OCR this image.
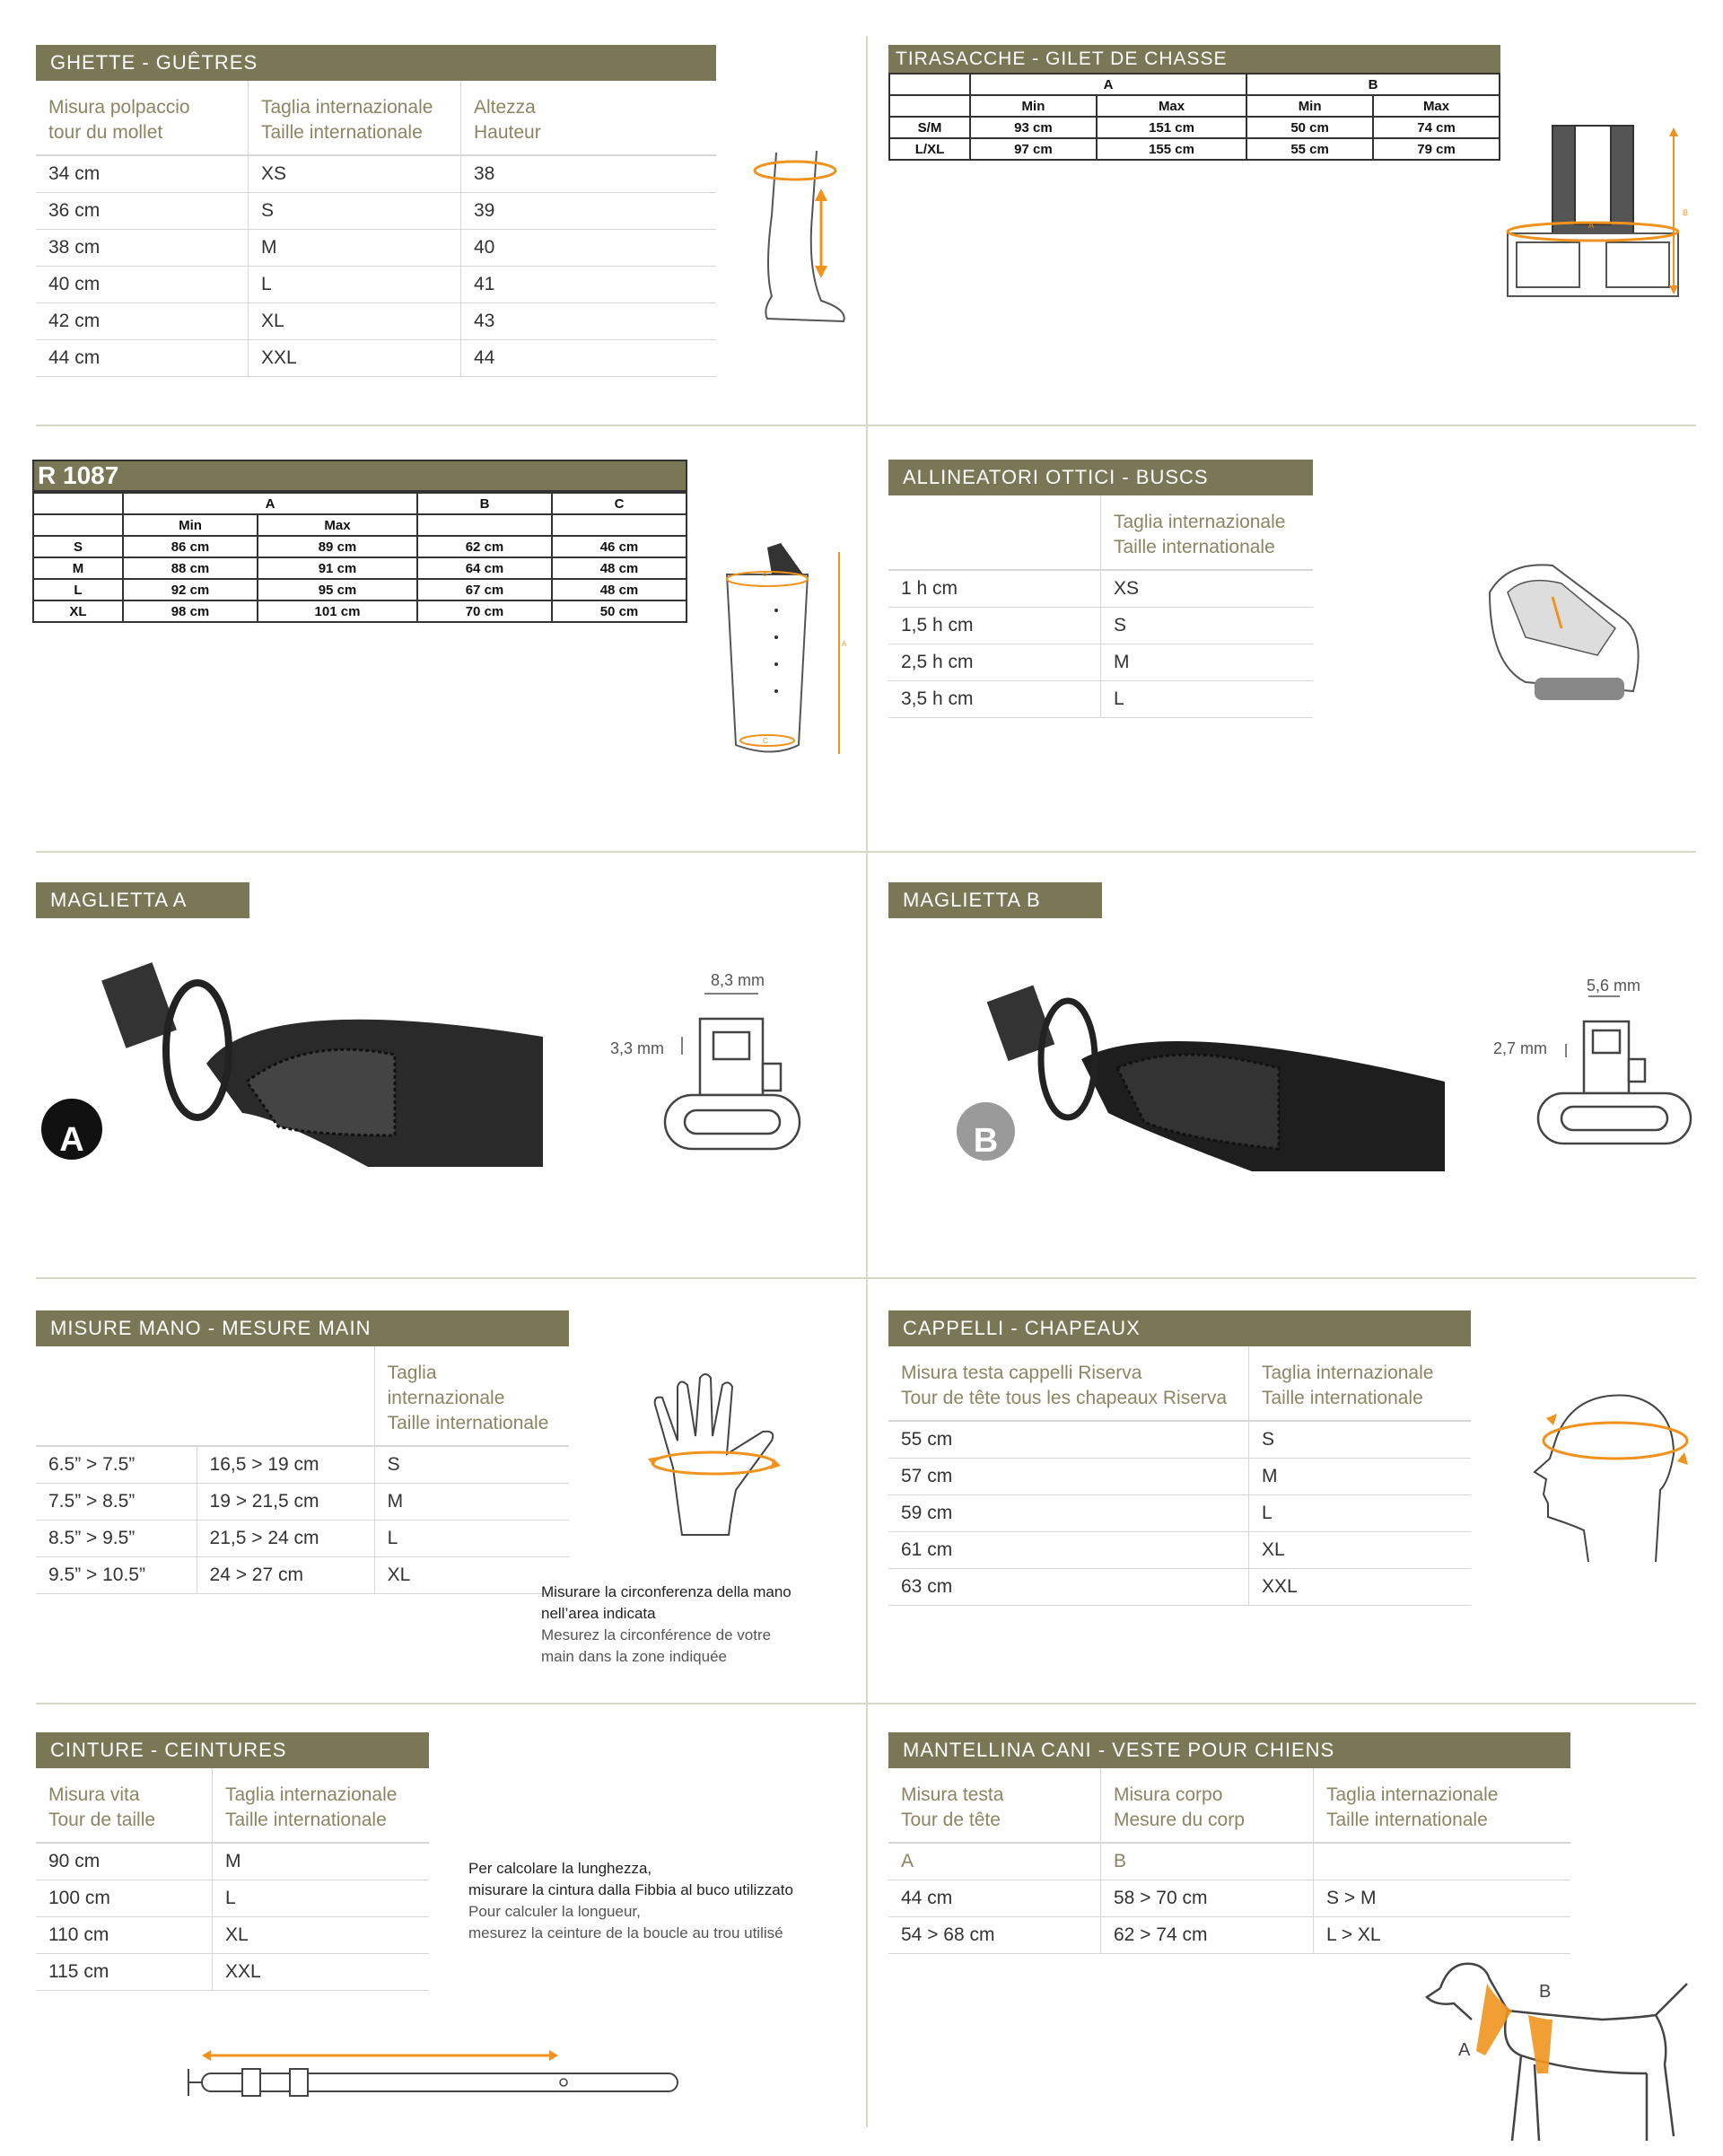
GHETTE - GUÊTRES
Misura polpaccio
tour du mollet	Taglia internazionale
Taille internationale	Altezza
Hauteur
34 cm	XS	38
36 cm	S	39
38 cm	M	40
40 cm	L	41
42 cm	XL	43
44 cm	XXL	44
TIRASACCHE - GILET DE CHASSE
	A		B	
	Min	Max	Min	Max
S/M	93 cm	151 cm	50 cm	74 cm
L/XL	97 cm	155 cm	55 cm	79 cm
B
A
R 1087
	A		B	C
	Min	Max		
S	86 cm	89 cm	62 cm	46 cm
M	88 cm	91 cm	64 cm	48 cm
L	92 cm	95 cm	67 cm	48 cm
XL	98 cm	101 cm	70 cm	50 cm
A
B
C
ALLINEATORI OTTICI - BUSCS
	Taglia internazionale
Taille internationale
1 h cm	XS
1,5 h cm	S
2,5 h cm	M
3,5 h cm	L
MAGLIETTA A
A
8,3 mm
3,3 mm
MAGLIETTA B
B
5,6 mm
2,7 mm
MISURE MANO - MESURE MAIN
		Taglia internazionale
Taille internationale
6.5” > 7.5”	16,5 > 19 cm	S
7.5” > 8.5”	19 > 21,5 cm	M
8.5” > 9.5”	21,5 > 24 cm	L
9.5” > 10.5”	24 > 27 cm	XL
Misurare la circonferenza della mano
nell’area indicata
Mesurez la circonférence de votre
main dans la zone indiquée
CAPPELLI - CHAPEAUX
Misura testa cappelli Riserva
Tour de tête tous les chapeaux Riserva	Taglia internazionale
Taille internationale
55 cm	S
57 cm	M
59 cm	L
61 cm	XL
63 cm	XXL
CINTURE - CEINTURES
Misura vita
Tour de taille	Taglia internazionale
Taille internationale
90 cm	M
100 cm	L
110 cm	XL
115 cm	XXL
Per calcolare la lunghezza,
misurare la cintura dalla Fibbia al buco utilizzato
Pour calculer la longueur,
mesurez la ceinture de la boucle au trou utilisé
MANTELLINA CANI - VESTE POUR CHIENS
Misura testa
Tour de tête	Misura corpo
Mesure du corp	Taglia internazionale
Taille internationale
A	B	
44 cm	58 > 70 cm	S > M
54 > 68 cm	62 > 74 cm	L > XL
A
B
